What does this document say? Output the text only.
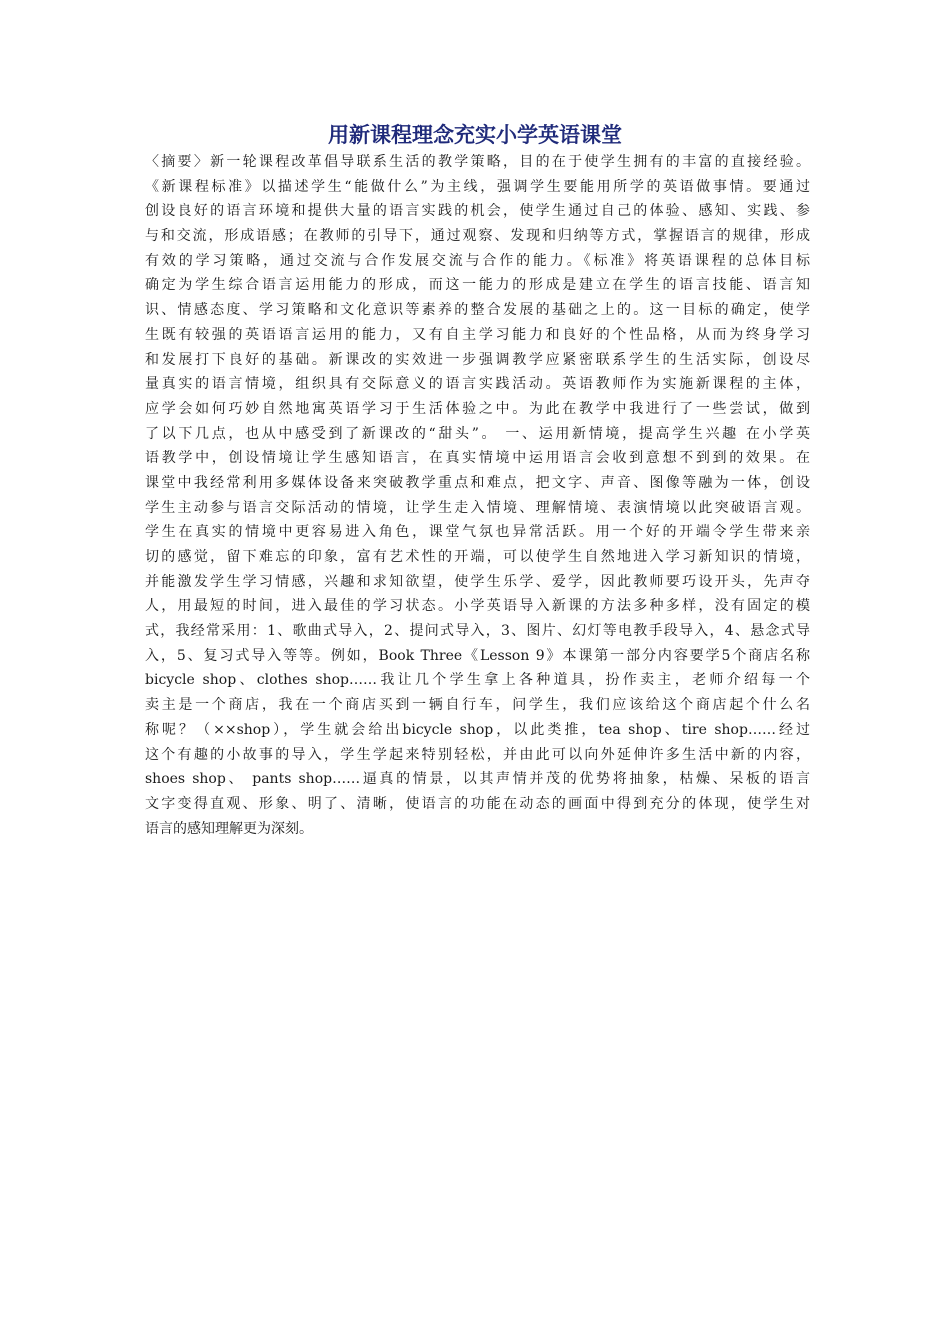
用新课程理念充实小学英语课堂
〈摘要〉新一轮课程改革倡导联系生活的教学策略，目的在于使学生拥有的丰富的直接经验。
《新课程标准》以描述学生“能做什么”为主线，强调学生要能用所学的英语做事情。要通过
创设良好的语言环境和提供大量的语言实践的机会，使学生通过自己的体验、感知、实践、参
与和交流，形成语感；在教师的引导下，通过观察、发现和归纳等方式，掌握语言的规律，形成
有效的学习策略，通过交流与合作发展交流与合作的能力。《标准》将英语课程的总体目标
确定为学生综合语言运用能力的形成，而这一能力的形成是建立在学生的语言技能、语言知
识、情感态度、学习策略和文化意识等素养的整合发展的基础之上的。这一目标的确定，使学
生既有较强的英语语言运用的能力，又有自主学习能力和良好的个性品格，从而为终身学习
和发展打下良好的基础。新课改的实效进一步强调教学应紧密联系学生的生活实际，创设尽
量真实的语言情境，组织具有交际意义的语言实践活动。英语教师作为实施新课程的主体，
应学会如何巧妙自然地寓英语学习于生活体验之中。为此在教学中我进行了一些尝试，做到
了以下几点，也从中感受到了新课改的“甜头”。 一、运用新情境，提高学生兴趣 在小学英
语教学中，创设情境让学生感知语言，在真实情境中运用语言会收到意想不到到的效果。在
课堂中我经常利用多媒体设备来突破教学重点和难点，把文字、声音、图像等融为一体，创设
学生主动参与语言交际活动的情境，让学生走入情境、理解情境、表演情境以此突破语言观。
学生在真实的情境中更容易进入角色，课堂气氛也异常活跃。用一个好的开端令学生带来亲
切的感觉，留下难忘的印象，富有艺术性的开端，可以使学生自然地进入学习新知识的情境，
并能激发学生学习情感，兴趣和求知欲望，使学生乐学、爱学，因此教师要巧设开头，先声夺
人，用最短的时间，进入最佳的学习状态。小学英语导入新课的方法多种多样，没有固定的模
式，我经常采用：1、歌曲式导入，2、提问式导入，3、图片、幻灯等电教手段导入，4、悬念式导
入，5、复习式导入等等。例如，Book Three《Lesson 9》本课第一部分内容要学5个商店名称
bicycle shop、clothes shop……我让几个学生拿上各种道具，扮作卖主，老师介绍每一个
卖主是一个商店，我在一个商店买到一辆自行车，问学生，我们应该给这个商店起个什么名
称呢？（××shop），学生就会给出bicycle shop，以此类推，tea shop、tire shop……经过
这个有趣的小故事的导入，学生学起来特别轻松，并由此可以向外延伸许多生活中新的内容，
shoes shop、 pants shop……逼真的情景，以其声情并茂的优势将抽象，枯燥、呆板的语言
文字变得直观、形象、明了、清晰，使语言的功能在动态的画面中得到充分的体现，使学生对
语言的感知理解更为深刻。
